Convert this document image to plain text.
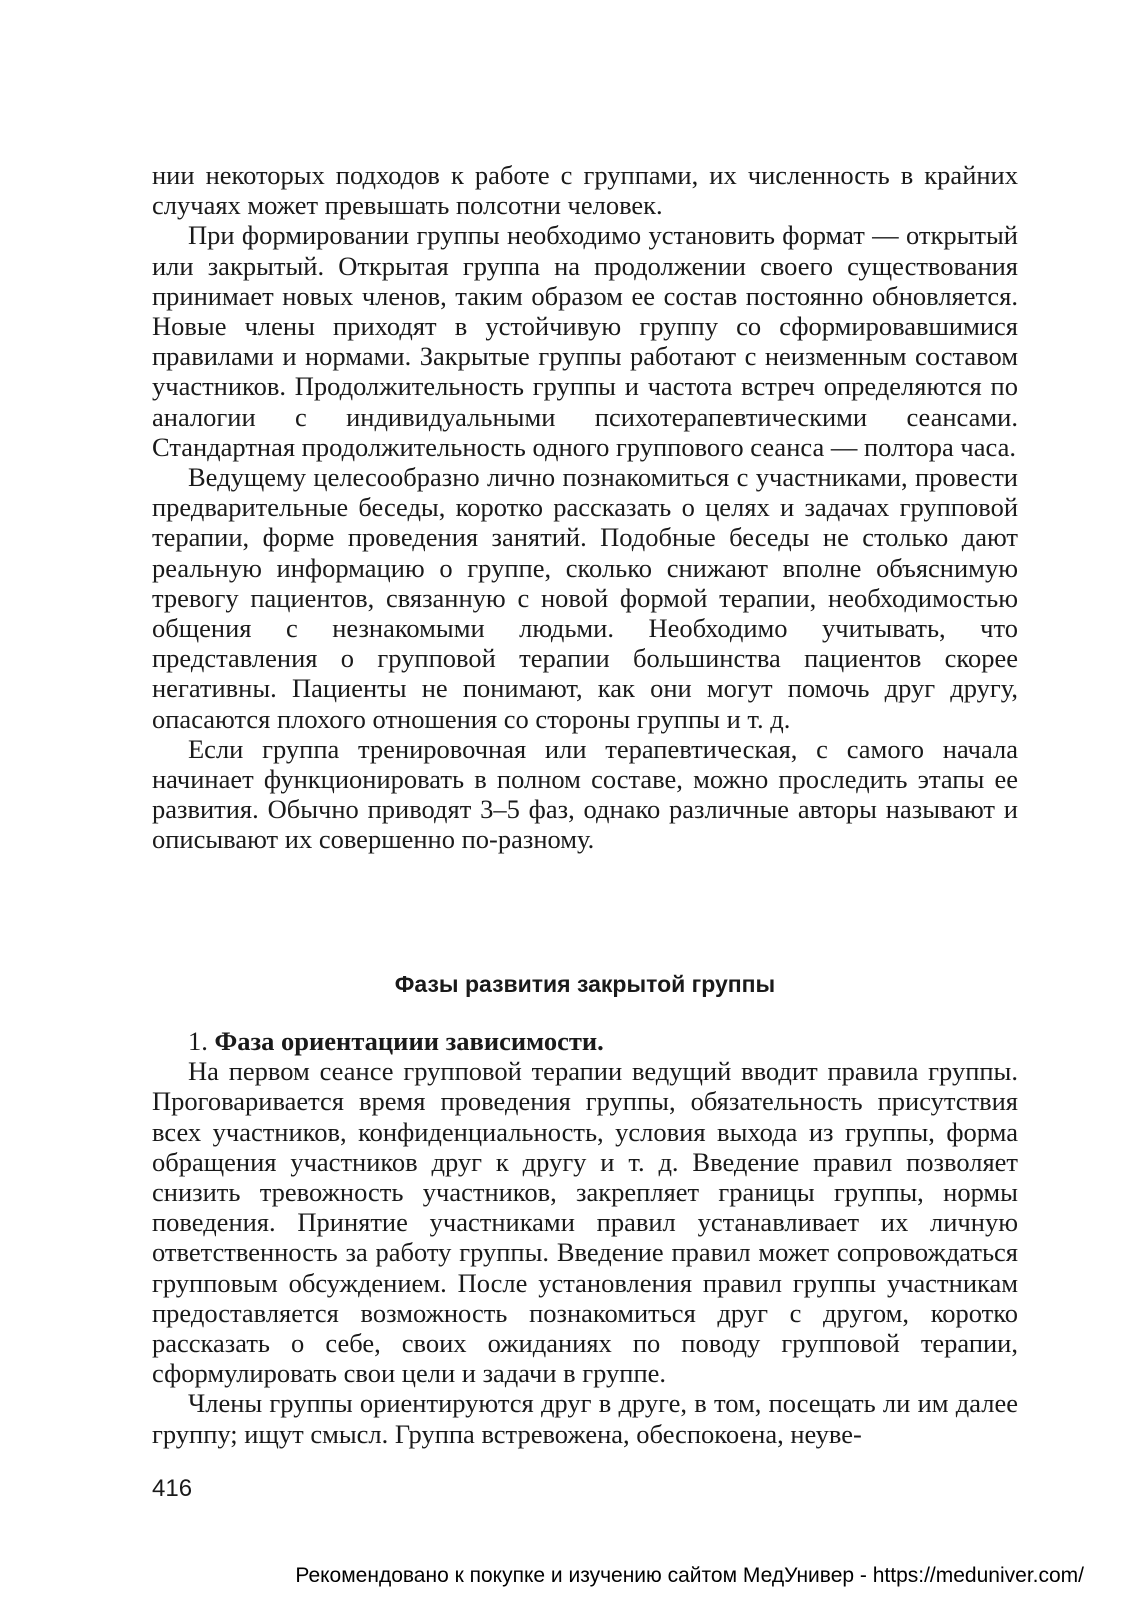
нии некоторых подходов к работе с группами, их численность в крайних случаях может превышать полсотни человек.

При формировании группы необходимо установить формат — открытый или закрытый. Открытая группа на продолжении своего существования принимает новых членов, таким образом ее состав постоянно обновляется. Новые члены приходят в устойчивую группу со сформировавшимися правилами и нормами. Закрытые группы работают с неизменным составом участников. Продолжительность группы и частота встреч определяются по аналогии с индивидуальными психотерапевтическими сеансами. Стандартная продолжительность одного группового сеанса — полтора часа.

Ведущему целесообразно лично познакомиться с участниками, провести предварительные беседы, коротко рассказать о целях и задачах групповой терапии, форме проведения занятий. Подобные беседы не столько дают реальную информацию о группе, сколько снижают вполне объяснимую тревогу пациентов, связанную с новой формой терапии, необходимостью общения с незнакомыми людьми. Необходимо учитывать, что представления о групповой терапии большинства пациентов скорее негативны. Пациенты не понимают, как они могут помочь друг другу, опасаются плохого отношения со стороны группы и т. д.

Если группа тренировочная или терапевтическая, с самого начала начинает функционировать в полном составе, можно проследить этапы ее развития. Обычно приводят 3–5 фаз, однако различные авторы называют и описывают их совершенно по-разному.

Фазы развития закрытой группы

1. Фаза ориентациии зависимости.

На первом сеансе групповой терапии ведущий вводит правила группы. Проговаривается время проведения группы, обязательность присутствия всех участников, конфиденциальность, условия выхода из группы, форма обращения участников друг к другу и т. д. Введение правил позволяет снизить тревожность участников, закрепляет границы группы, нормы поведения. Принятие участниками правил устанавливает их личную ответственность за работу группы. Введение правил может сопровождаться групповым обсуждением. После установления правил группы участникам предоставляется возможность познакомиться друг с другом, коротко рассказать о себе, своих ожиданиях по поводу групповой терапии, сформулировать свои цели и задачи в группе.

Члены группы ориентируются друг в друге, в том, посещать ли им далее группу; ищут смысл. Группа встревожена, обеспокоена, неуве-

416
Рекомендовано к покупке и изучению сайтом МедУнивер - https://meduniver.com/
